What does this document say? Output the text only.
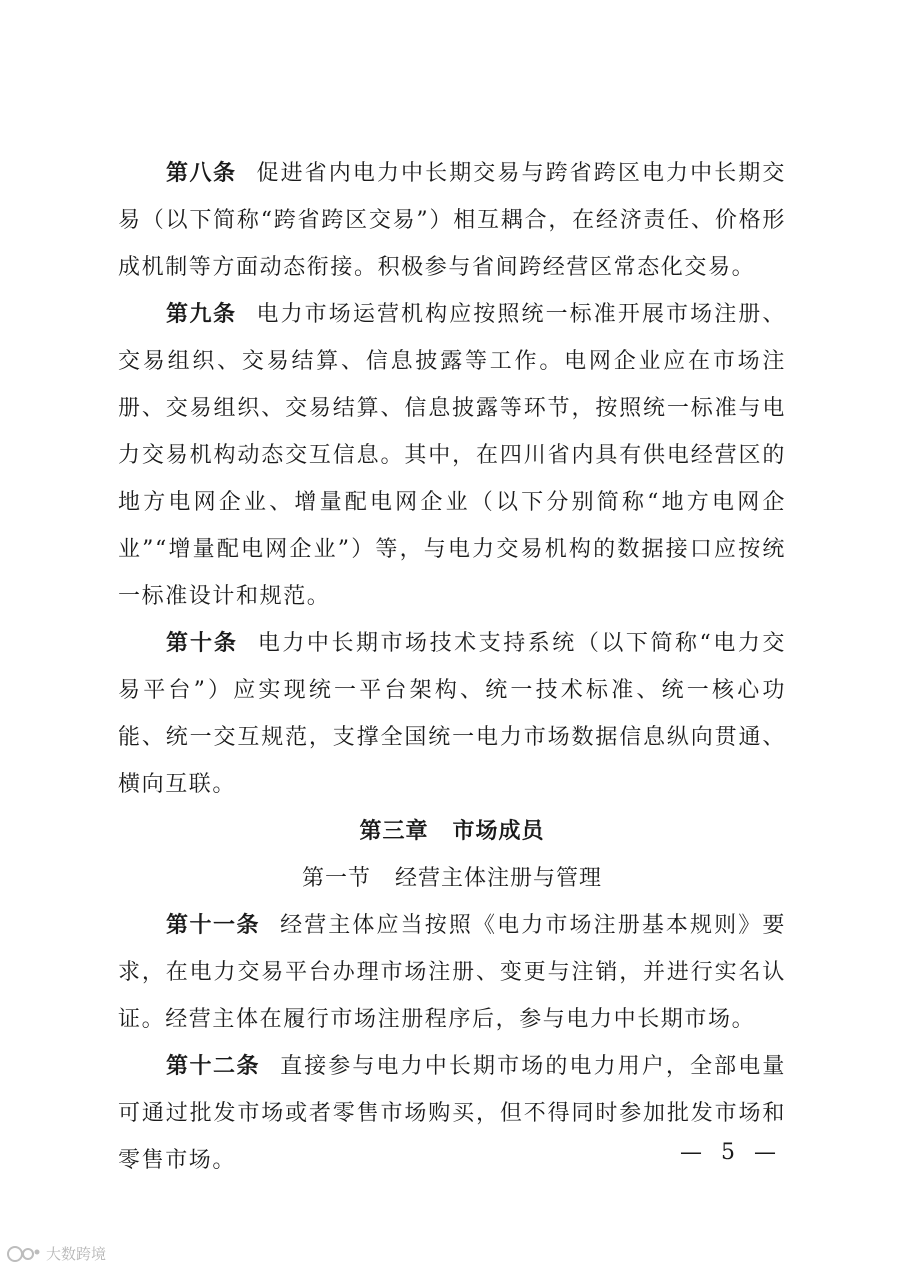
第八条 促进省内电力中长期交易与跨省跨区电力中长期交易（以下简称“跨省跨区交易”）相互耦合，在经济责任、价格形成机制等方面动态衔接。积极参与省间跨经营区常态化交易。

第九条 电力市场运营机构应按照统一标准开展市场注册、交易组织、交易结算、信息披露等工作。电网企业应在市场注册、交易组织、交易结算、信息披露等环节，按照统一标准与电力交易机构动态交互信息。其中，在四川省内具有供电经营区的地方电网企业、增量配电网企业（以下分别简称“地方电网企业”“增量配电网企业”）等，与电力交易机构的数据接口应按统一标准设计和规范。

第十条 电力中长期市场技术支持系统（以下简称“电力交易平台”）应实现统一平台架构、统一技术标准、统一核心功能、统一交互规范，支撑全国统一电力市场数据信息纵向贯通、横向互联。

第三章 市场成员

第一节 经营主体注册与管理

第十一条 经营主体应当按照《电力市场注册基本规则》要求，在电力交易平台办理市场注册、变更与注销，并进行实名认证。经营主体在履行市场注册程序后，参与电力中长期市场。

第十二条 直接参与电力中长期市场的电力用户，全部电量可通过批发市场或者零售市场购买，但不得同时参加批发市场和零售市场。	— 5 —
大数跨境
